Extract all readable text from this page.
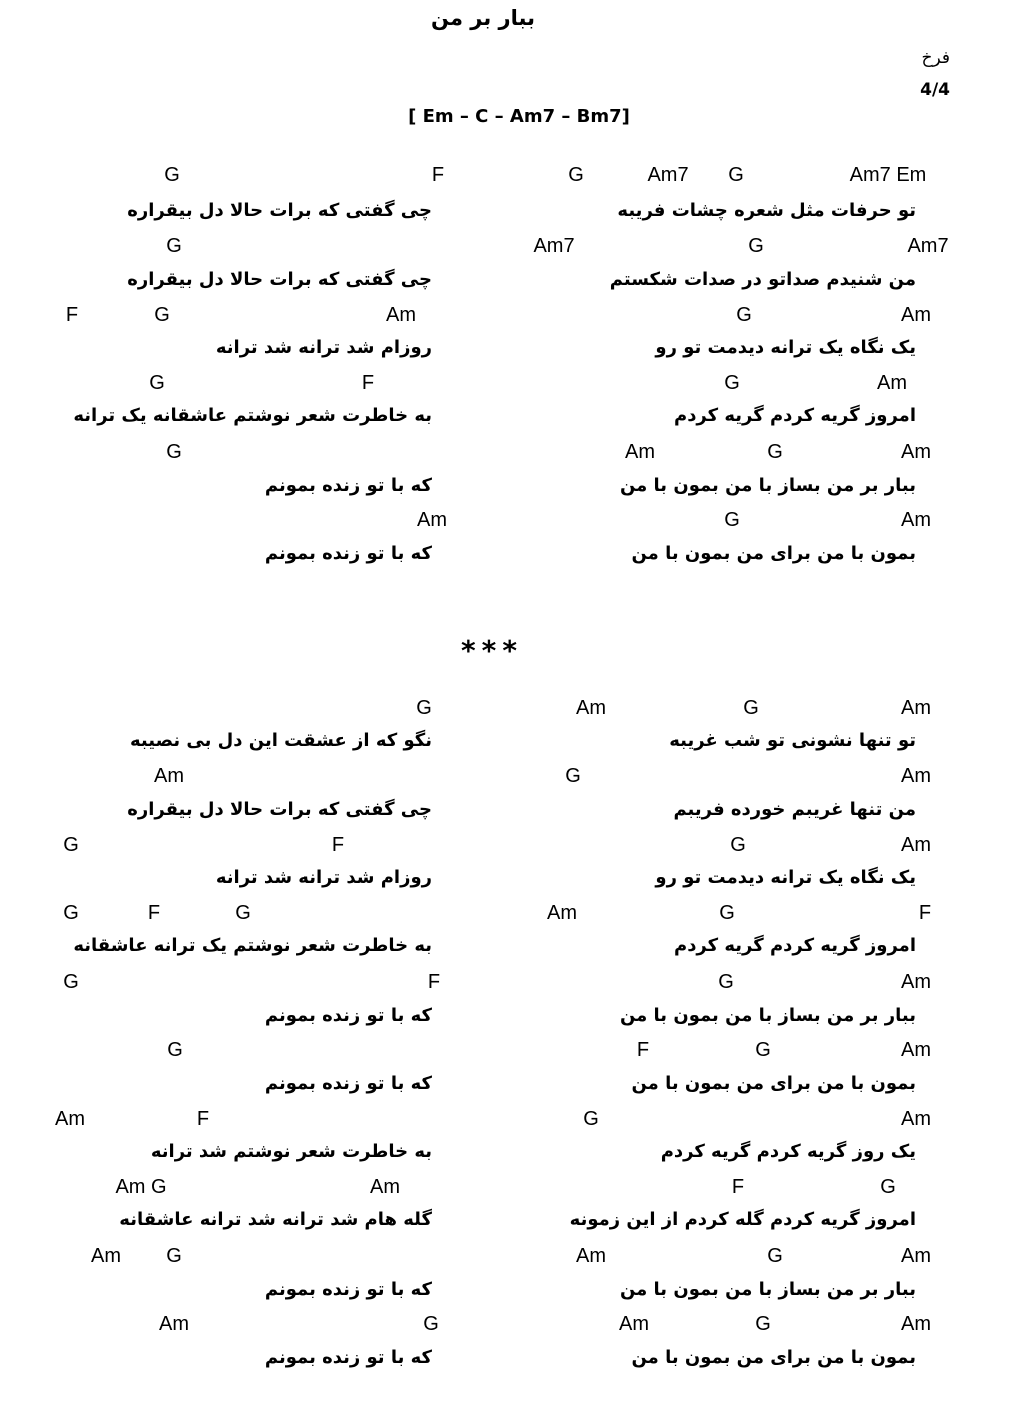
ببار بر من
فرخ
4/4
[ Em – C – Am7 – Bm7]
G	F	G	Am7 G	Am7 Em
تو حرفات مثل شعره چشات فریبه
چی گفتی که برات حالا دل بیقراره
G	Am7	G	Am7
من شنیدم صداتو در صدات شکستم
چی گفتی که برات حالا دل بیقراره
F	G	Am	G	Am
یک نگاه یک ترانه دیدمت تو رو
روزام شد ترانه شد ترانه
G	F	G	Am
امروز گریه کردم گریه کردم
به خاطرت شعر نوشتم عاشقانه یک ترانه
G	Am	G	Am
ببار بر من بساز با من بمون با من
که با تو زنده بمونم
Am	G	Am
بمون با من برای من بمون با من
که با تو زنده بمونم
***
G	Am	G	Am
تو تنها نشونی تو شب غریبه
نگو که از عشقت این دل بی نصیبه
Am	G	Am
من تنها غریبم خورده فریبم
چی گفتی که برات حالا دل بیقراره
G	F	G	Am
یک نگاه یک ترانه دیدمت تو رو
روزام شد ترانه شد ترانه
G	F	G	Am	G	F
امروز گریه کردم گریه کردم
به خاطرت شعر نوشتم یک ترانه عاشقانه
G	F	G	Am
ببار بر من بساز با من بمون با من
که با تو زنده بمونم
G	F	G	Am
بمون با من برای من بمون با من
که با تو زنده بمونم
Am	F	G	Am
یک روز گریه کردم گریه کردم
به خاطرت شعر نوشتم شد ترانه
Am G	Am	F	G
امروز گریه کردم گله کردم از این زمونه
گله هام شد ترانه شد ترانه عاشقانه
Am G	Am	G	Am
ببار بر من بساز با من بمون با من
که با تو زنده بمونم
Am	G	Am	G	Am
بمون با من برای من بمون با من
که با تو زنده بمونم
